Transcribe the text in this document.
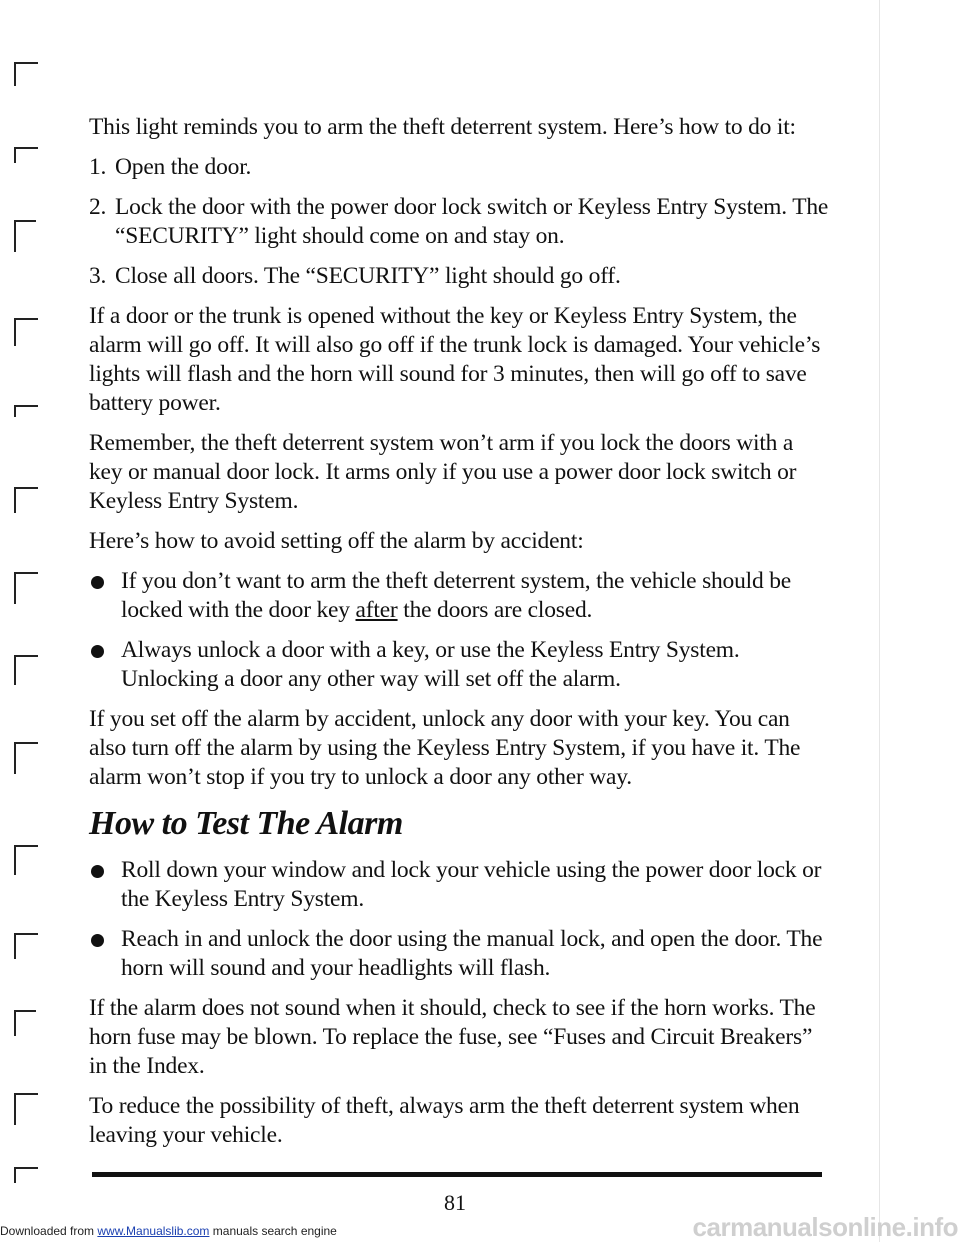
This light reminds you to arm the theft deterrent system. Here’s how to do it:

1. Open the door.
2. Lock the door with the power door lock switch or Keyless Entry System. The “SECURITY” light should come on and stay on.
3. Close all doors. The “SECURITY” light should go off.

If a door or the trunk is opened without the key or Keyless Entry System, the alarm will go off. It will also go off if the trunk lock is damaged. Your vehicle’s lights will flash and the horn will sound for 3 minutes, then will go off to save battery power.

Remember, the theft deterrent system won’t arm if you lock the doors with a key or manual door lock. It arms only if you use a power door lock switch or Keyless Entry System.

Here’s how to avoid setting off the alarm by accident:

If you don’t want to arm the theft deterrent system, the vehicle should be locked with the door key after the doors are closed.
Always unlock a door with a key, or use the Keyless Entry System. Unlocking a door any other way will set off the alarm.

If you set off the alarm by accident, unlock any door with your key. You can also turn off the alarm by using the Keyless Entry System, if you have it. The alarm won’t stop if you try to unlock a door any other way.

How to Test The Alarm
Roll down your window and lock your vehicle using the power door lock or the Keyless Entry System.
Reach in and unlock the door using the manual lock, and open the door. The horn will sound and your headlights will flash.

If the alarm does not sound when it should, check to see if the horn works. The horn fuse may be blown. To replace the fuse, see “Fuses and Circuit Breakers” in the Index.

To reduce the possibility of theft, always arm the theft deterrent system when leaving your vehicle.

81
Downloaded from www.Manualslib.com manuals search engine	carmanualsonline.info
